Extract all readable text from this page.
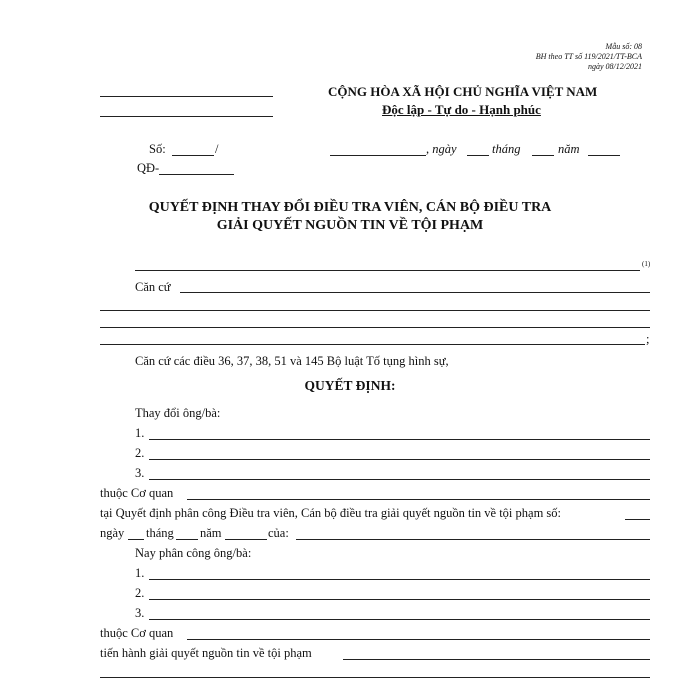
Mẫu số: 08
BH theo TT số 119/2021/TT-BCA
ngày 08/12/2021
CỘNG HÒA XÃ HỘI CHỦ NGHĨA VIỆT NAM
Độc lập - Tự do - Hạnh phúc
Số:	/
QĐ-
, ngày	tháng	năm
QUYẾT ĐỊNH THAY ĐỔI ĐIỀU TRA VIÊN, CÁN BỘ ĐIỀU TRA
GIẢI QUYẾT NGUỒN TIN VỀ TỘI PHẠM
(1)
Căn cứ
;
Căn cứ các điều 36, 37, 38, 51 và 145 Bộ luật Tố tụng hình sự,
QUYẾT ĐỊNH:
Thay đổi ông/bà:
1.
2.
3.
thuộc Cơ quan
tại Quyết định phân công Điều tra viên, Cán bộ điều tra giải quyết nguồn tin về tội phạm số:
ngày tháng năm	của:
Nay phân công ông/bà:
1.
2.
3.
thuộc Cơ quan
tiến hành giải quyết nguồn tin về tội phạm
